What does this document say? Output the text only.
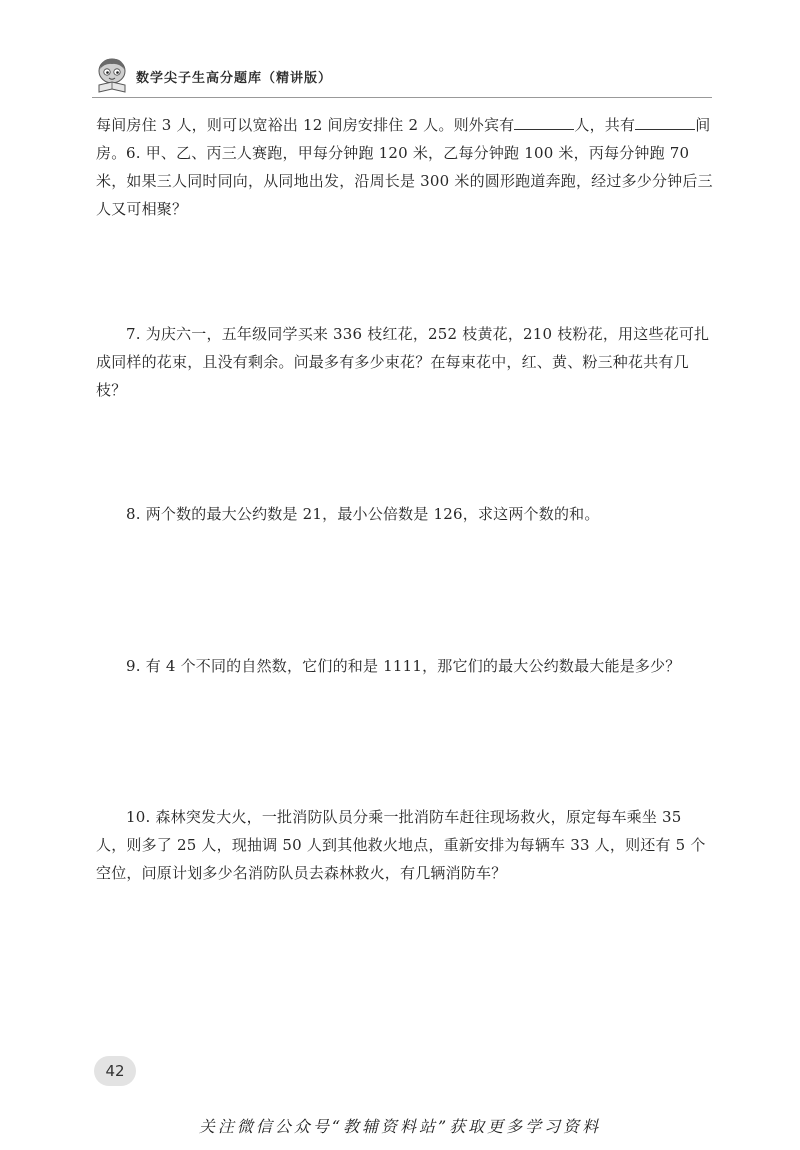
数学尖子生高分题库（精讲版）
每间房住 3 人，则可以宽裕出 12 间房安排住 2 人。则外宾有	人，共有	间房。 6. 甲、乙、丙三人赛跑，甲每分钟跑 120 米，乙每分钟跑 100 米，丙每分钟跑 70 米，如果三人同时同向，从同地出发，沿周长是 300 米的圆形跑道奔跑，经过多少分钟后三人又可相聚？
7. 为庆六一，五年级同学买来 336 枝红花，252 枝黄花，210 枝粉花，用这些花可扎成同样的花束，且没有剩余。问最多有多少束花？在每束花中，红、黄、粉三种花共有几枝？
8. 两个数的最大公约数是 21，最小公倍数是 126，求这两个数的和。
9. 有 4 个不同的自然数，它们的和是 1111，那它们的最大公约数最大能是多少？
10. 森林突发大火，一批消防队员分乘一批消防车赶往现场救火，原定每车乘坐 35 人，则多了 25 人，现抽调 50 人到其他救火地点，重新安排为每辆车 33 人，则还有 5 个空位，问原计划多少名消防队员去森林救火，有几辆消防车？
42
关注微信公众号“教辅资料站”获取更多学习资料
